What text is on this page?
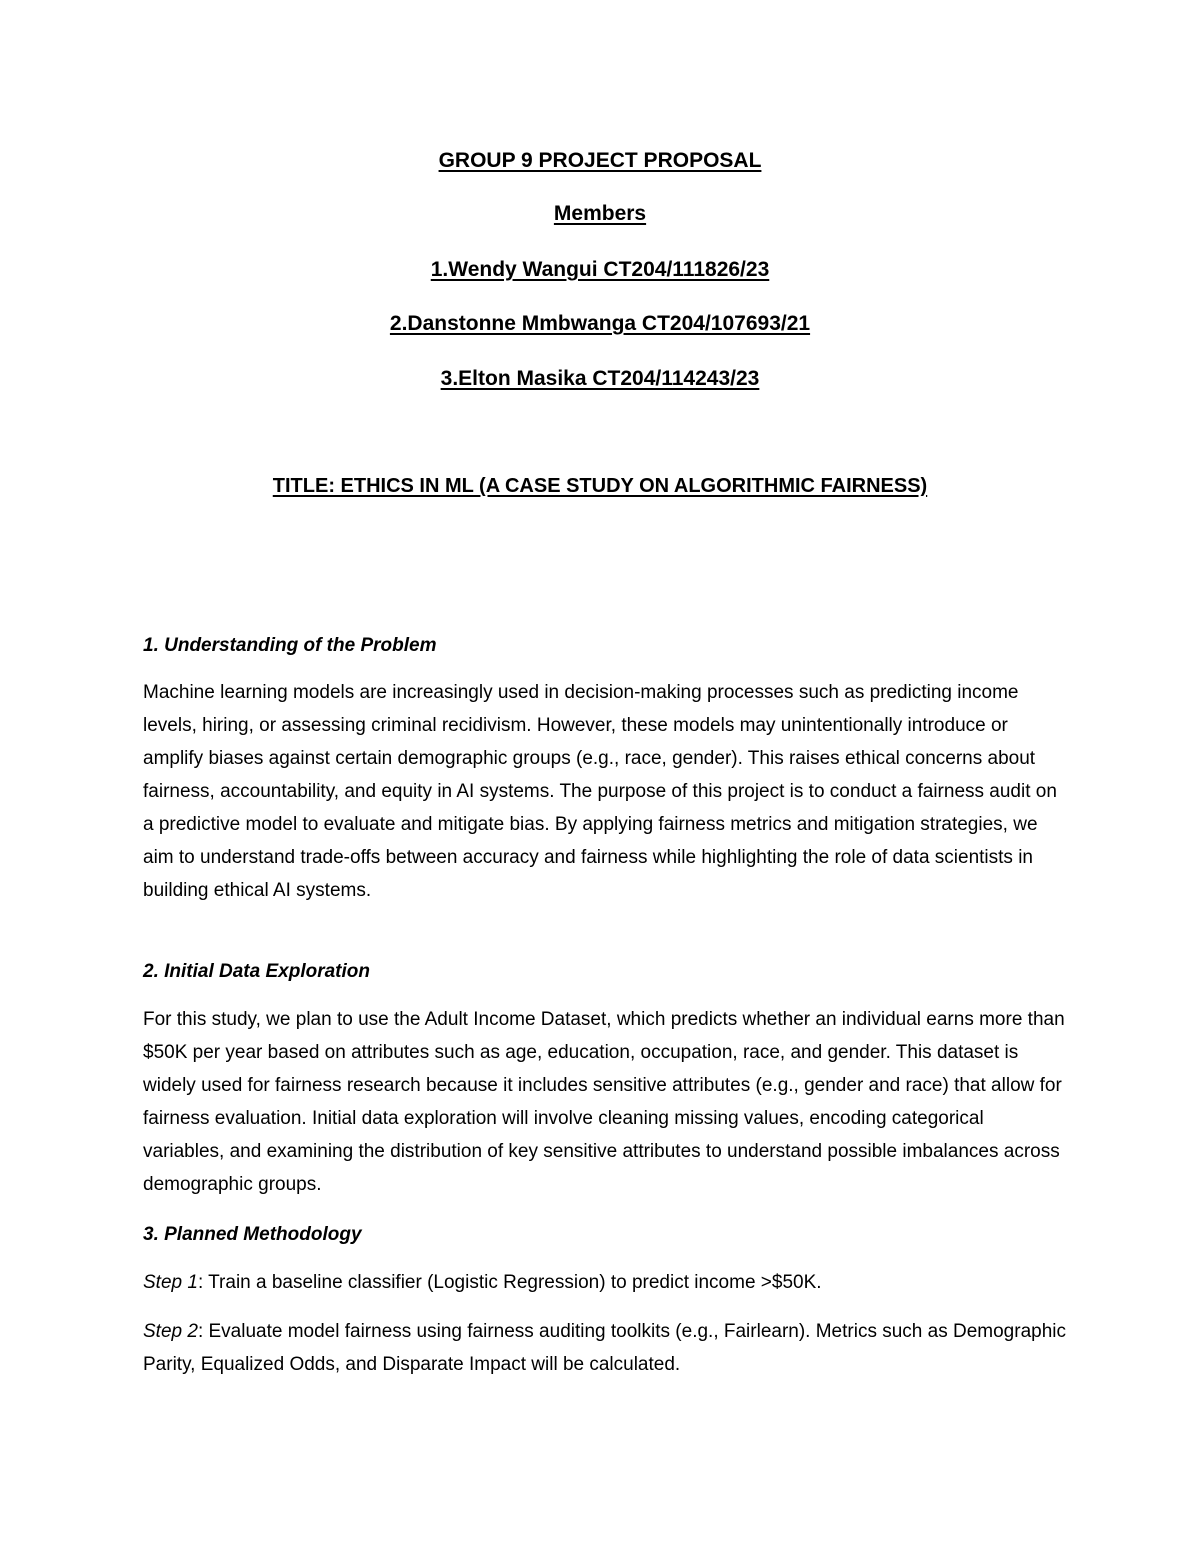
GROUP 9 PROJECT PROPOSAL
Members
1.Wendy Wangui CT204/111826/23
2.Danstonne Mmbwanga CT204/107693/21
3.Elton Masika CT204/114243/23
TITLE: ETHICS IN ML (A CASE STUDY ON ALGORITHMIC FAIRNESS)
1. Understanding of the Problem
Machine learning models are increasingly used in decision-making processes such as predicting income levels, hiring, or assessing criminal recidivism. However, these models may unintentionally introduce or amplify biases against certain demographic groups (e.g., race, gender). This raises ethical concerns about fairness, accountability, and equity in AI systems. The purpose of this project is to conduct a fairness audit on a predictive model to evaluate and mitigate bias. By applying fairness metrics and mitigation strategies, we aim to understand trade-offs between accuracy and fairness while highlighting the role of data scientists in building ethical AI systems.
2. Initial Data Exploration
For this study, we plan to use the Adult Income Dataset, which predicts whether an individual earns more than $50K per year based on attributes such as age, education, occupation, race, and gender. This dataset is widely used for fairness research because it includes sensitive attributes (e.g., gender and race) that allow for fairness evaluation. Initial data exploration will involve cleaning missing values, encoding categorical variables, and examining the distribution of key sensitive attributes to understand possible imbalances across demographic groups.
3. Planned Methodology
Step 1: Train a baseline classifier (Logistic Regression) to predict income >$50K.
Step 2: Evaluate model fairness using fairness auditing toolkits (e.g., Fairlearn). Metrics such as Demographic Parity, Equalized Odds, and Disparate Impact will be calculated.
